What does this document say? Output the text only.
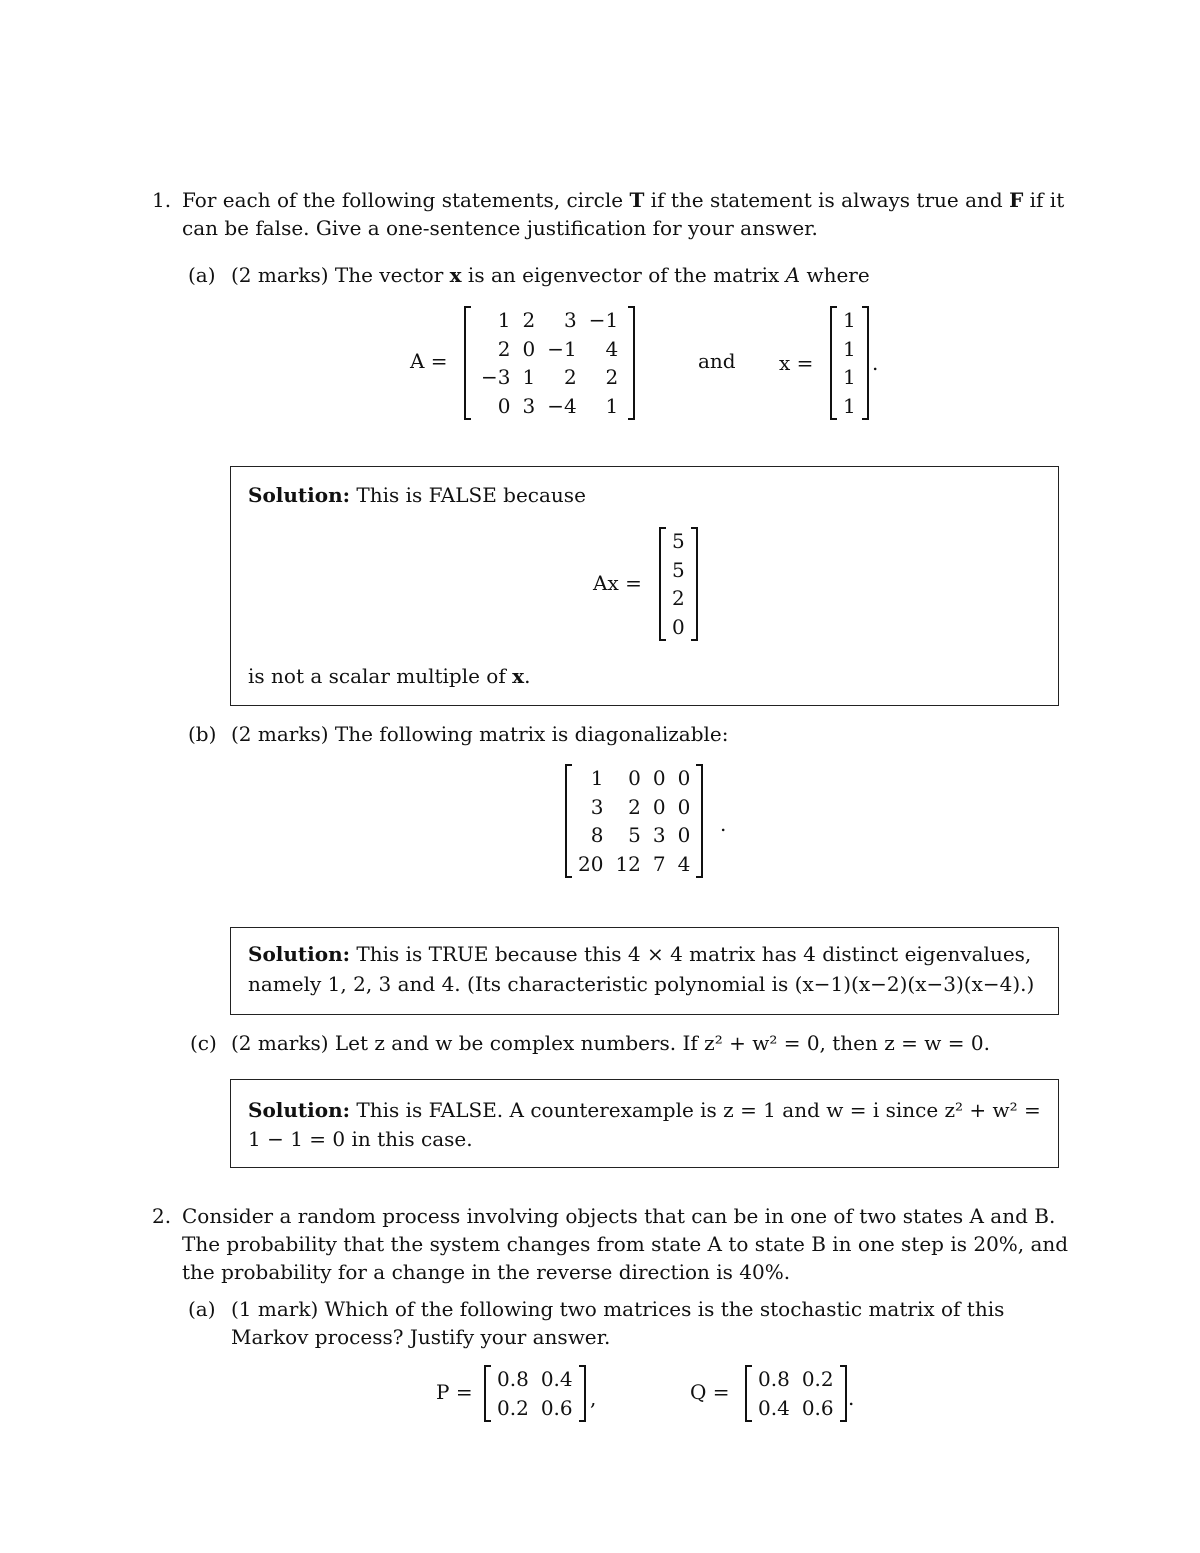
1. For each of the following statements, circle T if the statement is always true and F if it
can be false. Give a one-sentence justification for your answer.
(a) (2 marks) The vector x is an eigenvector of the matrix A where
A =
1 2	3 −1
2 0 −1	4
−3 1	2	2
0 3 −4	1
and x =
1
1
1
1
.
Solution: This is FALSE because
Ax =
5
5
2
0
is not a scalar multiple of x.
(b) (2 marks) The following matrix is diagonalizable:
1	0 0 0
3	2 0 0
8	5 3 0
20 12 7 4
.
Solution: This is TRUE because this 4 × 4 matrix has 4 distinct eigenvalues,
namely 1, 2, 3 and 4. (Its characteristic polynomial is (x−1)(x−2)(x−3)(x−4).)
(c) (2 marks) Let z and w be complex numbers. If z² + w² = 0, then z = w = 0.
Solution: This is FALSE. A counterexample is z = 1 and w = i since z² + w² =
1 − 1 = 0 in this case.
2. Consider a random process involving objects that can be in one of two states A and B.
The probability that the system changes from state A to state B in one step is 20%, and
the probability for a change in the reverse direction is 40%.
(a) (1 mark) Which of the following two matrices is the stochastic matrix of this
Markov process? Justify your answer.
P =
0.8 0.4
0.2 0.6 ,	Q =
0.8 0.2
0.4 0.6 .
